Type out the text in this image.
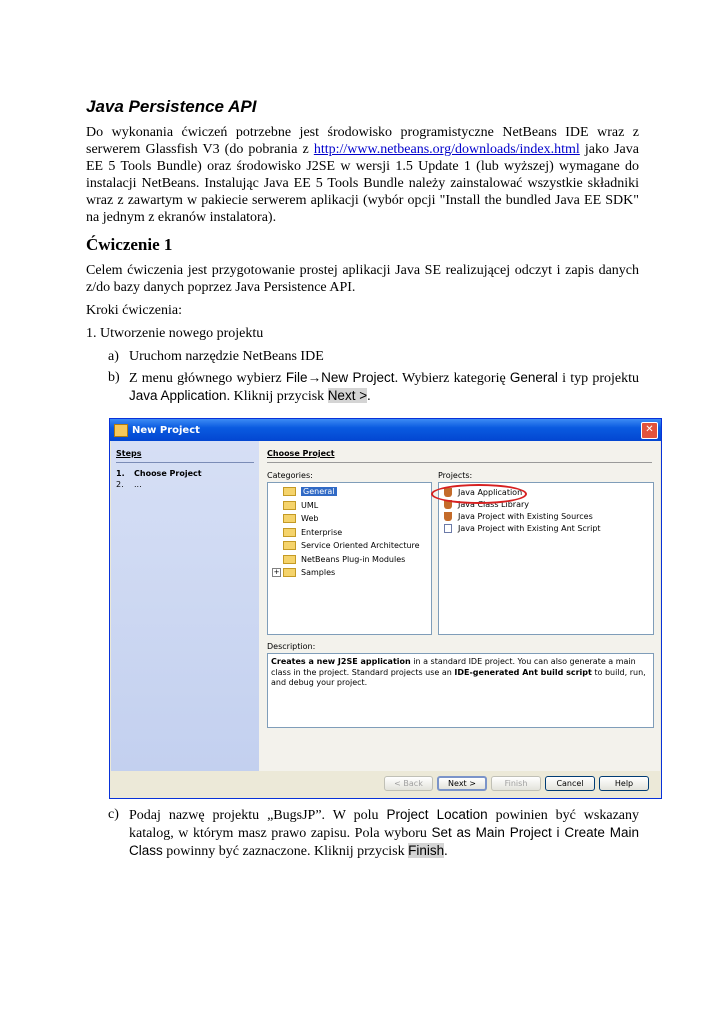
Java Persistence API

Do wykonania ćwiczeń potrzebne jest środowisko programistyczne NetBeans IDE wraz z serwerem Glassfish V3 (do pobrania z http://www.netbeans.org/downloads/index.html jako Java EE 5 Tools Bundle) oraz środowisko J2SE w wersji 1.5 Update 1 (lub wyższej) wymagane do instalacji NetBeans. Instalując Java EE 5 Tools Bundle należy zainstalować wszystkie składniki wraz z zawartym w pakiecie serwerem aplikacji (wybór opcji "Install the bundled Java EE SDK" na jednym z ekranów instalatora).

Ćwiczenie 1

Celem ćwiczenia jest przygotowanie prostej aplikacji Java SE realizującej odczyt i zapis danych z/do bazy danych poprzez Java Persistence API.

Kroki ćwiczenia:

1. Utworzenie nowego projektu

a) Uruchom narzędzie NetBeans IDE
b) Z menu głównego wybierz File→New Project. Wybierz kategorię General i typ projektu Java Application. Kliknij przycisk Next >.
New Project	✕
Steps
1.	Choose Project
2.	...
Choose Project
Categories:	Projects:
General
UML
Web
Enterprise
Service Oriented Architecture
NetBeans Plug-in Modules
+	Samples
Java Application
Java Class Library
Java Project with Existing Sources
Java Project with Existing Ant Script
Description:
Creates a new J2SE application in a standard IDE project. You can also generate a main class in the project. Standard projects use an IDE-generated Ant build script to build, run, and debug your project.
< Back	Next >	Finish	Cancel	Help
c) Podaj nazwę projektu „BugsJP”. W polu Project Location powinien być wskazany katalog, w którym masz prawo zapisu. Pola wyboru Set as Main Project i Create Main Class powinny być zaznaczone. Kliknij przycisk Finish.
